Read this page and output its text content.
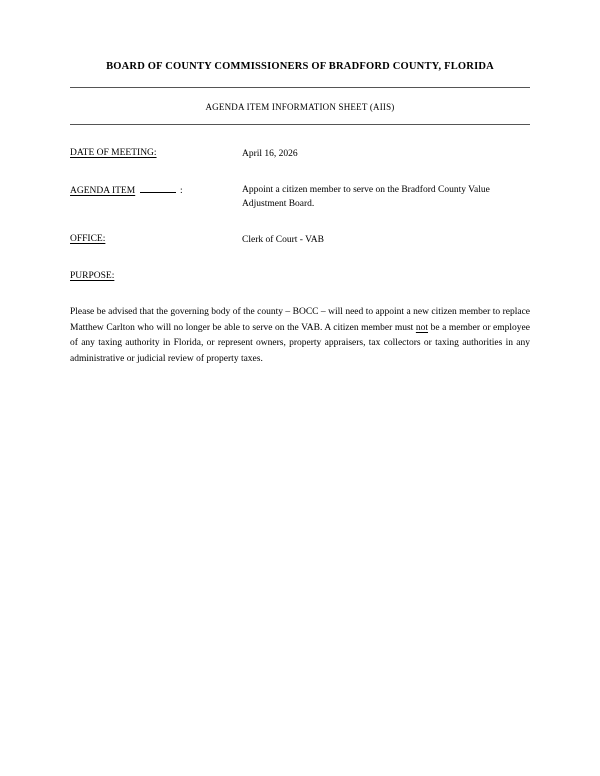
BOARD OF COUNTY COMMISSIONERS OF BRADFORD COUNTY, FLORIDA
AGENDA ITEM INFORMATION SHEET (AIIS)
DATE OF MEETING:	April 16, 2026
AGENDA ITEM	:	Appoint a citizen member to serve on the Bradford County Value Adjustment Board.
OFFICE:	Clerk of Court - VAB
PURPOSE:
Please be advised that the governing body of the county – BOCC – will need to appoint a new citizen member to replace Matthew Carlton who will no longer be able to serve on the VAB. A citizen member must not be a member or employee of any taxing authority in Florida, or represent owners, property appraisers, tax collectors or taxing authorities in any administrative or judicial review of property taxes.
